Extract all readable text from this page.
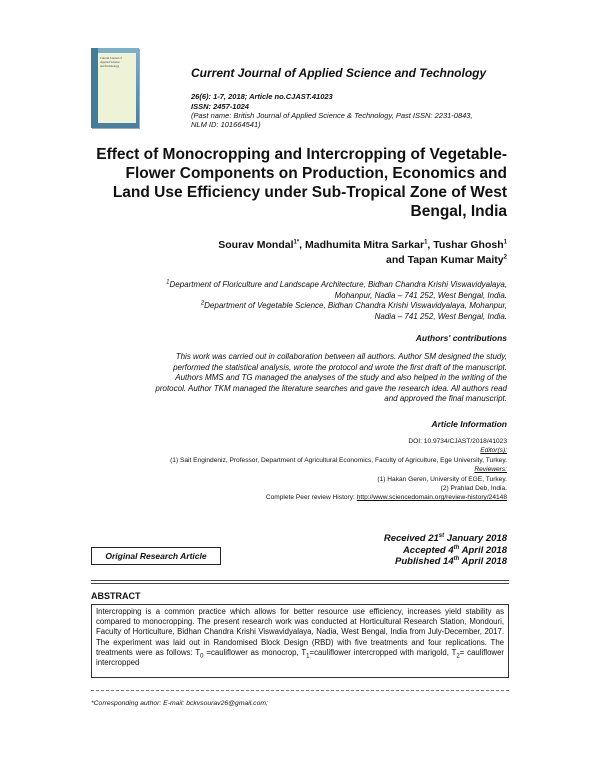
Current Journal of
Applied Science
and Technology	Current Journal of Applied Science and Technology
26(6): 1-7, 2018; Article no.CJAST.41023
ISSN: 2457-1024
(Past name: British Journal of Applied Science & Technology, Past ISSN: 2231-0843,
NLM ID: 101664541)
Effect of Monocropping and Intercropping of Vegetable-Flower Components on Production, Economics and Land Use Efficiency under Sub-Tropical Zone of West Bengal, India
Sourav Mondal$^{1*}$, Madhumita Mitra Sarkar$^1$, Tushar Ghosh$^1$
and Tapan Kumar Maity$^2$
$^1$Department of Floriculture and Landscape Architecture, Bidhan Chandra Krishi Viswavidyalaya,
Mohanpur, Nadia – 741 252, West Bengal, India.
$^2$Department of Vegetable Science, Bidhan Chandra Krishi Viswavidyalaya, Mohanpur,
Nadia – 741 252, West Bengal, India.
Authors' contributions
This work was carried out in collaboration between all authors. Author SM designed the study,
performed the statistical analysis, wrote the protocol and wrote the first draft of the manuscript.
Authors MMS and TG managed the analyses of the study and also helped in the writing of the
protocol. Author TKM managed the literature searches and gave the research idea. All authors read
and approved the final manuscript.
Article Information
DOI: 10.9734/CJAST/2018/41023
Editor(s):
(1) Sait Engindeniz, Professor, Department of Agricultural Economics, Faculty of Agriculture, Ege University, Turkey.
Reviewers:
(1) Hakan Geren, University of EGE, Turkey.
(2) Prahlad Deb, India.
Complete Peer review History: http://www.sciencedomain.org/review-history/24148
Original Research Article
Received 21st January 2018
Accepted 4th April 2018
Published 14th April 2018
ABSTRACT
Intercropping is a common practice which allows for better resource use efficiency, increases yield stability as compared to monocropping. The present research work was conducted at Horticultural Research Station, Mondouri, Faculty of Horticulture, Bidhan Chandra Krishi Viswavidyalaya, Nadia, West Bengal, India from July-December, 2017. The experiment was laid out in Randomised Block Design (RBD) with five treatments and four replications. The treatments were as follows: $T_0$ =cauliflower as monocrop, $T_1=cauliflower$ intercropped with marigold, $T_2=$ cauliflower intercropped
*Corresponding author: E-mail: bckvsourav26@gmail.com;
